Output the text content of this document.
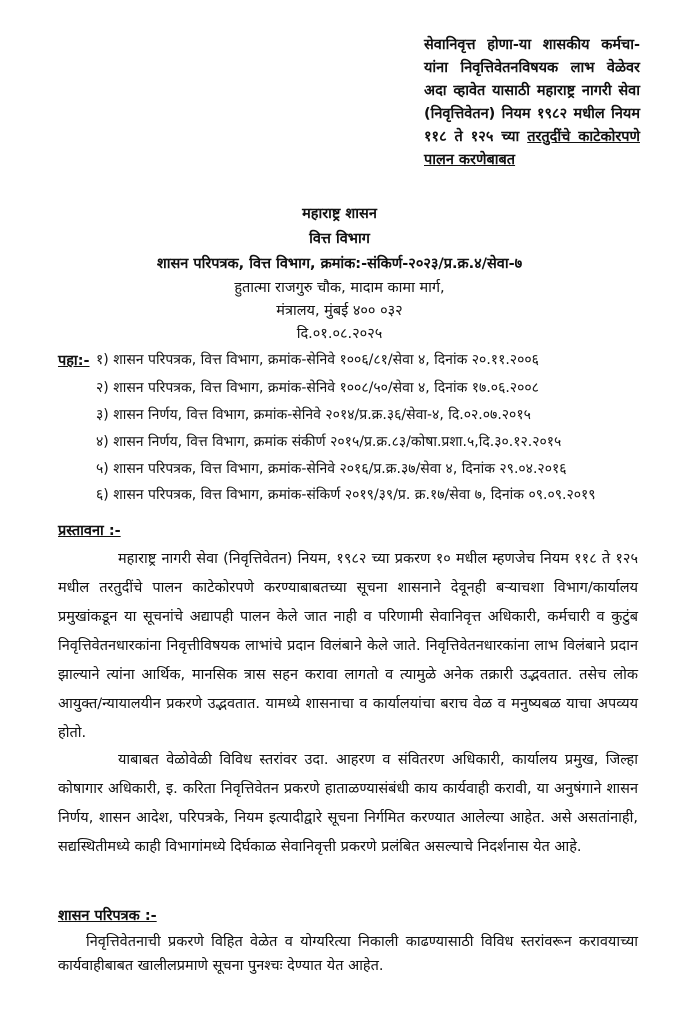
सेवानिवृत्त होणा-या शासकीय कर्मचा-यांना निवृत्तिवेतनविषयक लाभ वेळेवर अदा व्हावेत यासाठी महाराष्ट्र नागरी सेवा (निवृत्तिवेतन) नियम १९८२ मधील नियम ११८ ते १२५ च्या तरतुदींचे काटेकोरपणे पालन करणेबाबत
महाराष्ट्र शासन
वित्त विभाग
शासन परिपत्रक, वित्त विभाग, क्रमांक:-संकिर्ण-२०२३/प्र.क्र.४/सेवा-७
हुतात्मा राजगुरु चौक, मादाम कामा मार्ग,
मंत्रालय, मुंबई ४०० ०३२
दि.०१.०८.२०२५
पहा:- १) शासन परिपत्रक, वित्त विभाग, क्रमांक-सेनिवे १००६/८१/सेवा ४, दिनांक २०.११.२००६
२) शासन परिपत्रक, वित्त विभाग, क्रमांक-सेनिवे १००८/५०/सेवा ४, दिनांक १७.०६.२००८
३) शासन निर्णय, वित्त विभाग, क्रमांक-सेनिवे २०१४/प्र.क्र.३६/सेवा-४, दि.०२.०७.२०१५
४) शासन निर्णय, वित्त विभाग, क्रमांक संकीर्ण २०१५/प्र.क्र.८३/कोषा.प्रशा.५,दि.३०.१२.२०१५
५) शासन परिपत्रक, वित्त विभाग, क्रमांक-सेनिवे २०१६/प्र.क्र.३७/सेवा ४, दिनांक २९.०४.२०१६
६) शासन परिपत्रक, वित्त विभाग, क्रमांक-संकिर्ण २०१९/३९/प्र. क्र.१७/सेवा ७, दिनांक ०९.०९.२०१९
प्रस्तावना :-
महाराष्ट्र नागरी सेवा (निवृत्तिवेतन) नियम, १९८२ च्या प्रकरण १० मधील म्हणजेच नियम ११८ ते १२५ मधील तरतुदींचे पालन काटेकोरपणे करण्याबाबतच्या सूचना शासनाने देवूनही बऱ्याचशा विभाग/कार्यालय प्रमुखांकडून या सूचनांचे अद्यापही पालन केले जात नाही व परिणामी सेवानिवृत्त अधिकारी, कर्मचारी व कुटुंब निवृत्तिवेतनधारकांना निवृत्तीविषयक लाभांचे प्रदान विलंबाने केले जाते. निवृत्तिवेतनधारकांना लाभ विलंबाने प्रदान झाल्याने त्यांना आर्थिक, मानसिक त्रास सहन करावा लागतो व त्यामुळे अनेक तक्रारी उद्भवतात. तसेच लोक आयुक्त/न्यायालयीन प्रकरणे उद्भवतात. यामध्ये शासनाचा व कार्यालयांचा बराच वेळ व मनुष्यबळ याचा अपव्यय होतो.
याबाबत वेळोवेळी विविध स्तरांवर उदा. आहरण व संवितरण अधिकारी, कार्यालय प्रमुख, जिल्हा कोषागार अधिकारी, इ. करिता निवृत्तिवेतन प्रकरणे हाताळण्यासंबंधी काय कार्यवाही करावी, या अनुषंगाने शासन निर्णय, शासन आदेश, परिपत्रके, नियम इत्यादीद्वारे सूचना निर्गमित करण्यात आलेल्या आहेत. असे असतांनाही, सद्यस्थितीमध्ये काही विभागांमध्ये दिर्घकाळ सेवानिवृत्ती प्रकरणे प्रलंबित असल्याचे निदर्शनास येत आहे.
शासन परिपत्रक :-
निवृत्तिवेतनाची प्रकरणे विहित वेळेत व योग्यरित्या निकाली काढण्यासाठी विविध स्तरांवरून करावयाच्या कार्यवाहीबाबत खालीलप्रमाणे सूचना पुनश्चः देण्यात येत आहेत.
